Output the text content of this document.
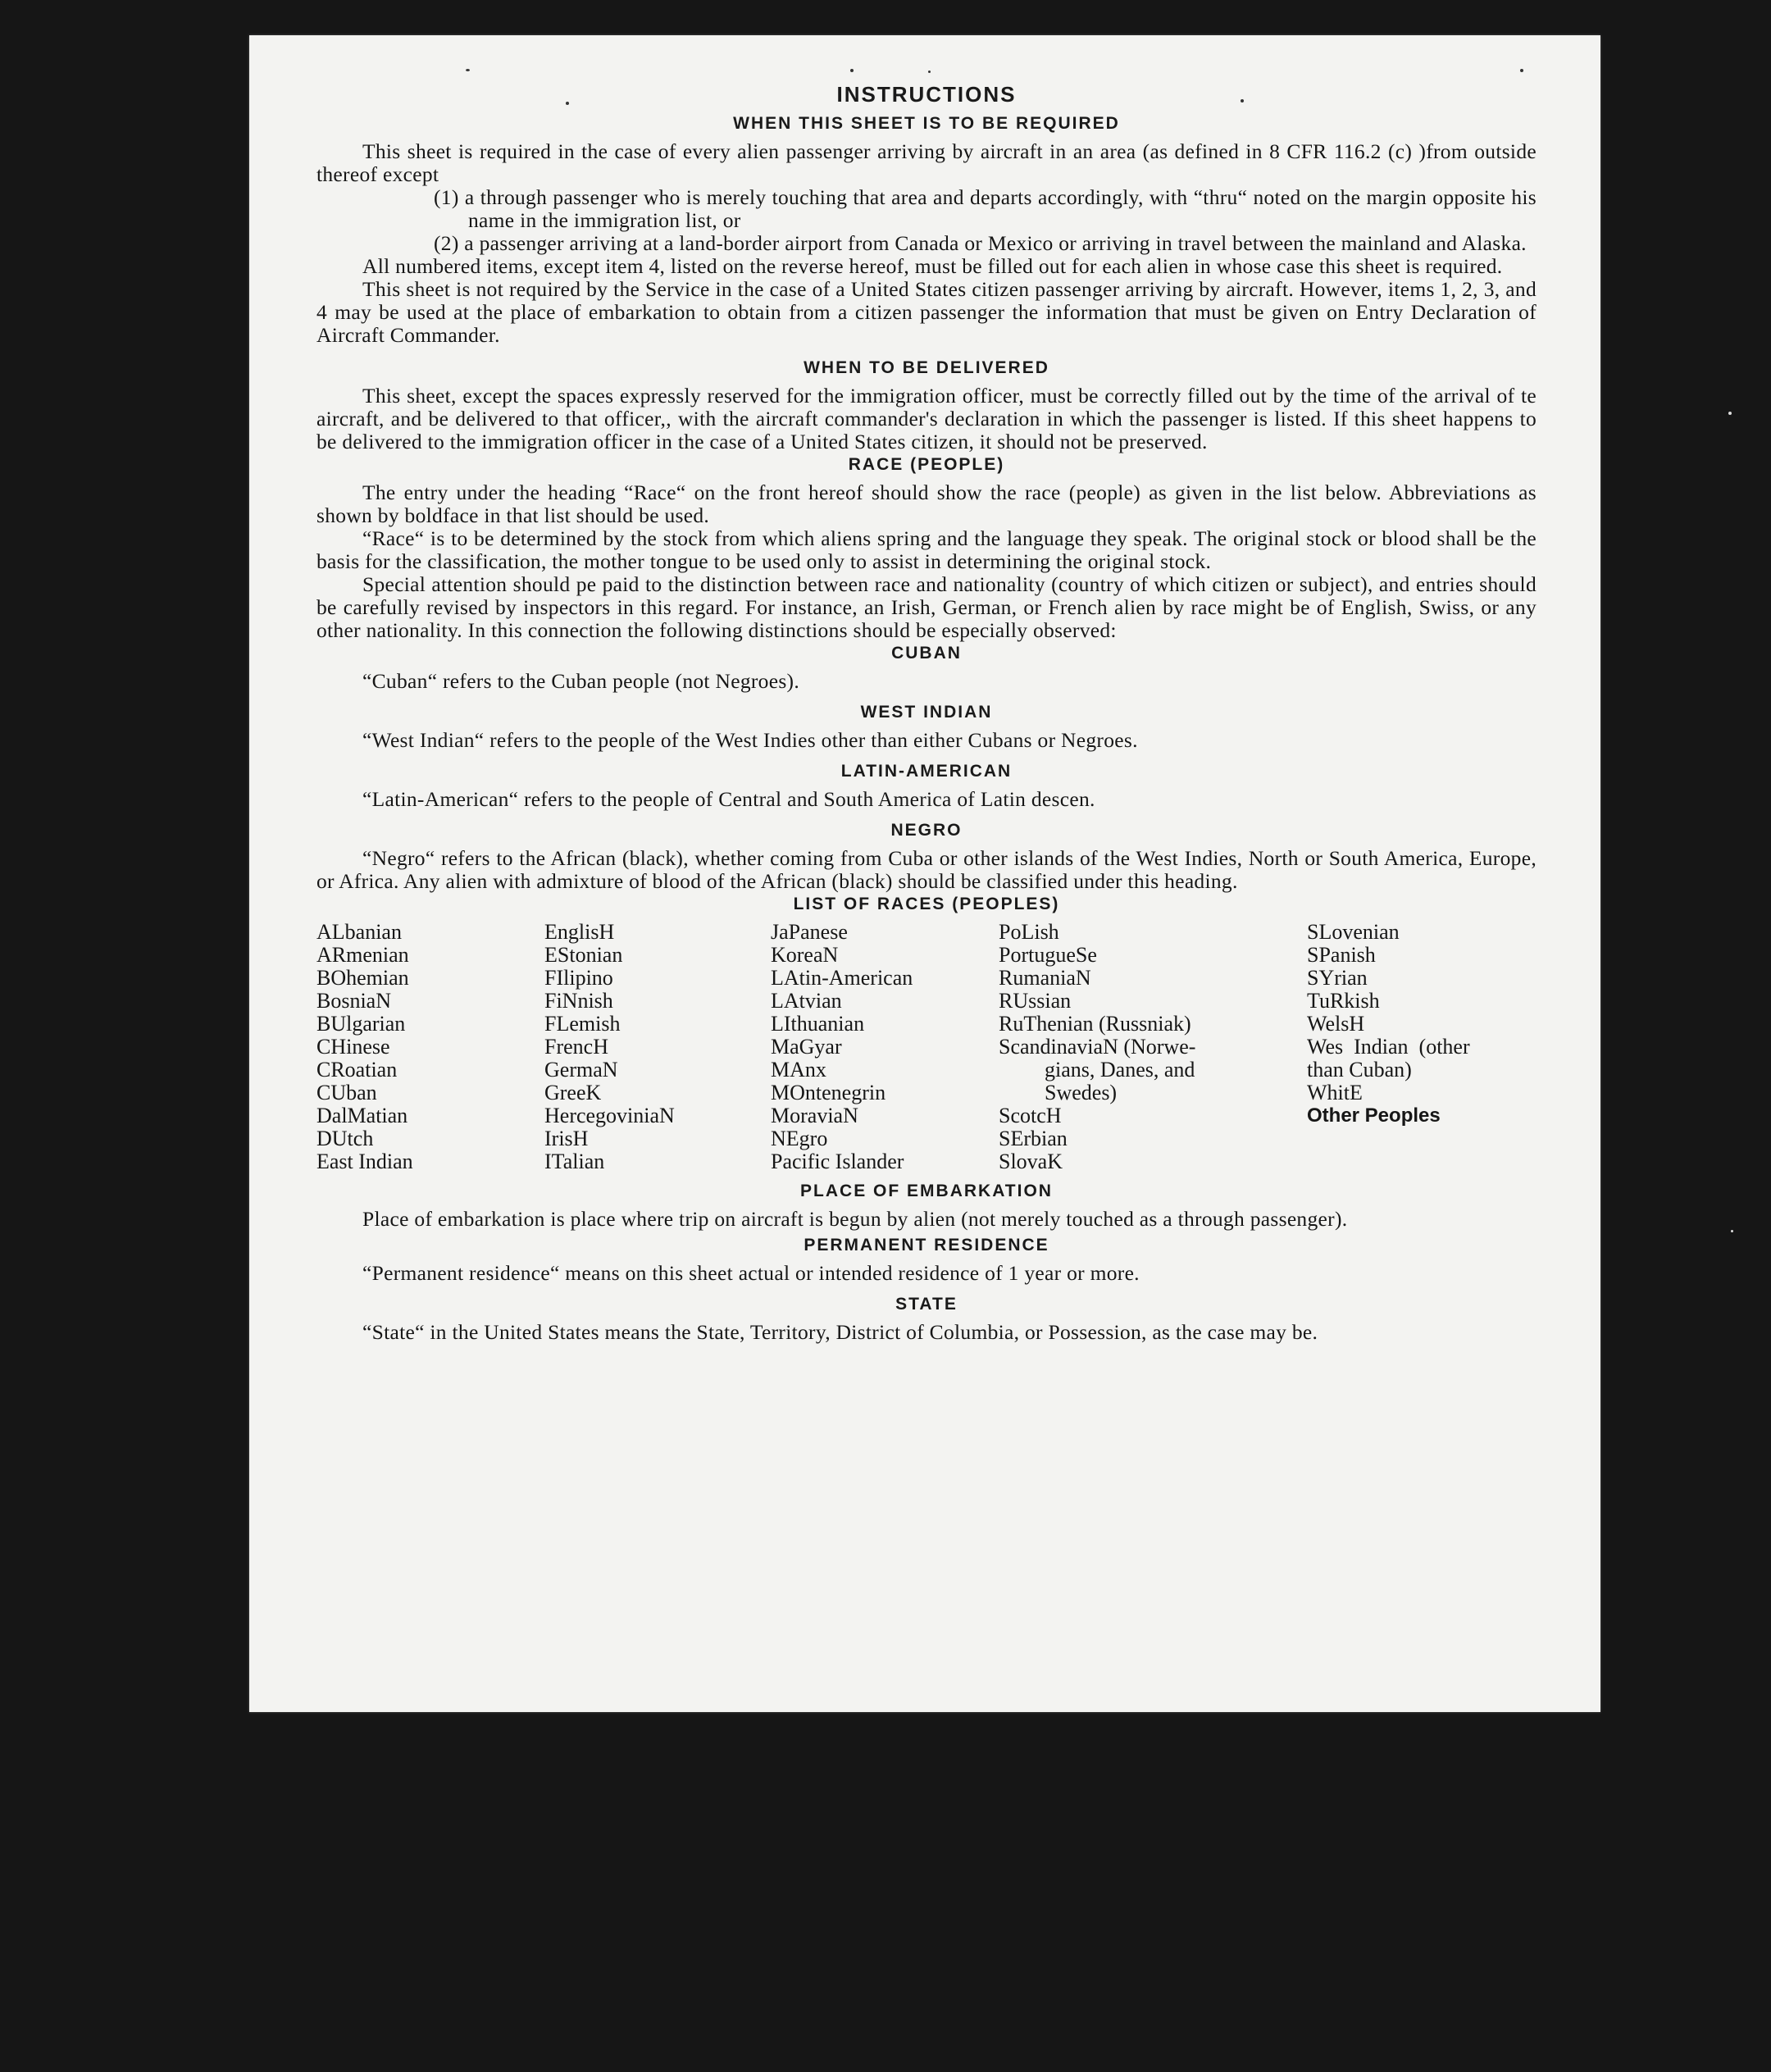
INSTRUCTIONS
WHEN THIS SHEET IS TO BE REQUIRED

This sheet is required in the case of every alien passenger arriving by aircraft in an area (as defined in 8 CFR 116.2 (c) )from outside thereof except

(1) a through passenger who is merely touching that area and departs accordingly, with “thru“ noted on the margin opposite his name in the immigration list, or

(2) a passenger arriving at a land-border airport from Canada or Mexico or arriving in travel between the mainland and Alaska.

All numbered items, except item 4, listed on the reverse hereof, must be filled out for each alien in whose case this sheet is required.

This sheet is not required by the Service in the case of a United States citizen passenger arriving by aircraft. However, items 1, 2, 3, and 4 may be used at the place of embarkation to obtain from a citizen passenger the information that must be given on Entry Declaration of Aircraft Commander.

WHEN TO BE DELIVERED

This sheet, except the spaces expressly reserved for the immigration officer, must be correctly filled out by the time of the arrival of te aircraft, and be delivered to that officer,, with the aircraft commander's declaration in which the passenger is listed. If this sheet happens to be delivered to the immigration officer in the case of a United States citizen, it should not be preserved.

RACE (PEOPLE)

The entry under the heading “Race“ on the front hereof should show the race (people) as given in the list below. Abbreviations as shown by boldface in that list should be used.

“Race“ is to be determined by the stock from which aliens spring and the language they speak. The original stock or blood shall be the basis for the classification, the mother tongue to be used only to assist in determining the original stock.

Special attention should pe paid to the distinction between race and nationality (country of which citizen or subject), and entries should be carefully revised by inspectors in this regard. For instance, an Irish, German, or French alien by race might be of English, Swiss, or any other nationality. In this connection the following distinctions should be especially observed:

CUBAN

“Cuban“ refers to the Cuban people (not Negroes).

WEST INDIAN

“West Indian“ refers to the people of the West Indies other than either Cubans or Negroes.

LATIN-AMERICAN

“Latin-American“ refers to the people of Central and South America of Latin descen.

NEGRO

“Negro“ refers to the African (black), whether coming from Cuba or other islands of the West Indies, North or South America, Europe, or Africa. Any alien with admixture of blood of the African (black) should be classified under this heading.

LIST OF RACES (PEOPLES)
ALbanian
ARmenian
BOhemian
BosniaN
BUlgarian
CHinese
CRoatian
CUban
DalMatian
DUtch
East Indian
EnglisH
EStonian
FIlipino
FiNnish
FLemish
FrencH
GermaN
GreeK
HercegoviniaN
IrisH
ITalian
JaPanese
KoreaN
LAtin-American
LAtvian
LIthuanian
MaGyar
MAnx
MOntenegrin
MoraviaN
NEgro
Pacific Islander
PoLish
PortugueSe
RumaniaN
RUssian
RuThenian (Russniak)
ScandinaviaN (Norwe-
gians, Danes, and
Swedes)
ScotcH
SErbian
SlovaK
SLovenian
SPanish
SYrian
TuRkish
WelsH
Wes  Indian  (other
than Cuban)
WhitE
Other Peoples
PLACE OF EMBARKATION

Place of embarkation is place where trip on aircraft is begun by alien (not merely touched as a through passenger).

PERMANENT RESIDENCE

“Permanent residence“ means on this sheet actual or intended residence of 1 year or more.

STATE

“State“ in the United States means the State, Territory, District of Columbia, or Possession, as the case may be.
